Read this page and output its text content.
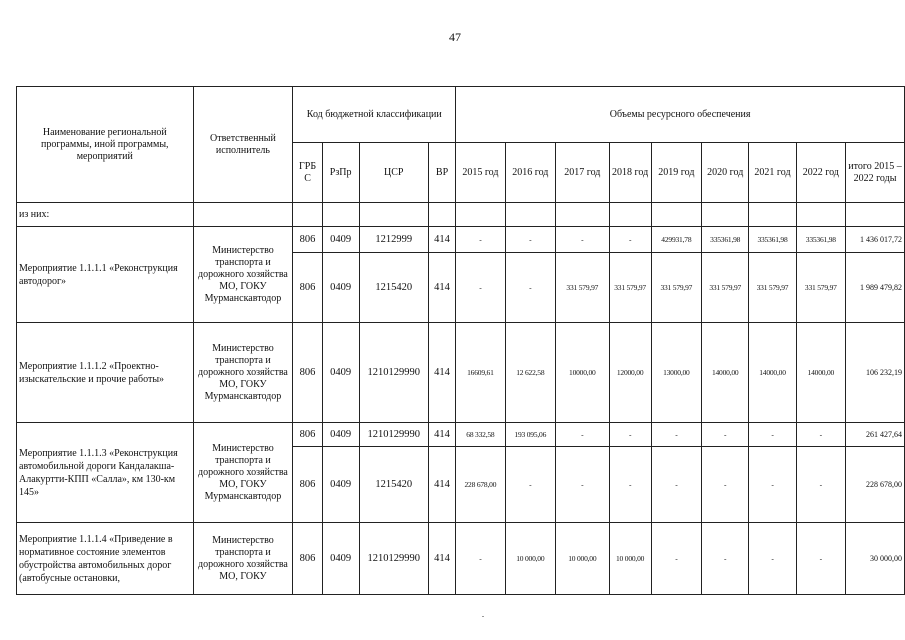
47
Наименование региональной программы, иной программы, мероприятий	Ответственный исполнитель	Код бюджетной классификации				Объемы ресурсного обеспечения								
		ГРБ С	РзПр	ЦСР	ВР	2015 год	2016 год	2017 год	2018 год	2019 год	2020 год	2021 год	2022 год	итого 2015 – 2022 годы
из них:														
Мероприятие 1.1.1.1 «Реконструкция автодорог»	Министерство транспорта и дорожного хозяйства МО, ГОКУ Мурманскавтодор	806	0409	1212999	414	-	-	-	-	429931,78	335361,98	335361,98	335361,98	1 436 017,72
		806	0409	1215420	414	-	-	331 579,97	331 579,97	331 579,97	331 579,97	331 579,97	331 579,97	1 989 479,82
Мероприятие 1.1.1.2 «Проектно-изыскательские и прочие работы»	Министерство транспорта и дорожного хозяйства МО, ГОКУ Мурманскавтодор	806	0409	1210129990	414	16609,61	12 622,58	10000,00	12000,00	13000,00	14000,00	14000,00	14000,00	106 232,19
Мероприятие 1.1.1.3 «Реконструкция автомобильной дороги Кандалакша-Алакуртти-КПП «Салла», км 130-км 145»	Министерство транспорта и дорожного хозяйства МО, ГОКУ Мурманскавтодор	806	0409	1210129990	414	68 332,58	193 095,06	-	-	-	-	-	-	261 427,64
		806	0409	1215420	414	228 678,00	-	-	-	-	-	-	-	228 678,00
Мероприятие 1.1.1.4 «Приведение в нормативное состояние элементов обустройства автомобильных дорог (автобусные остановки,	Министерство транспорта и дорожного хозяйства МО, ГОКУ	806	0409	1210129990	414	-	10 000,00	10 000,00	10 000,00	-	-	-	-	30 000,00
